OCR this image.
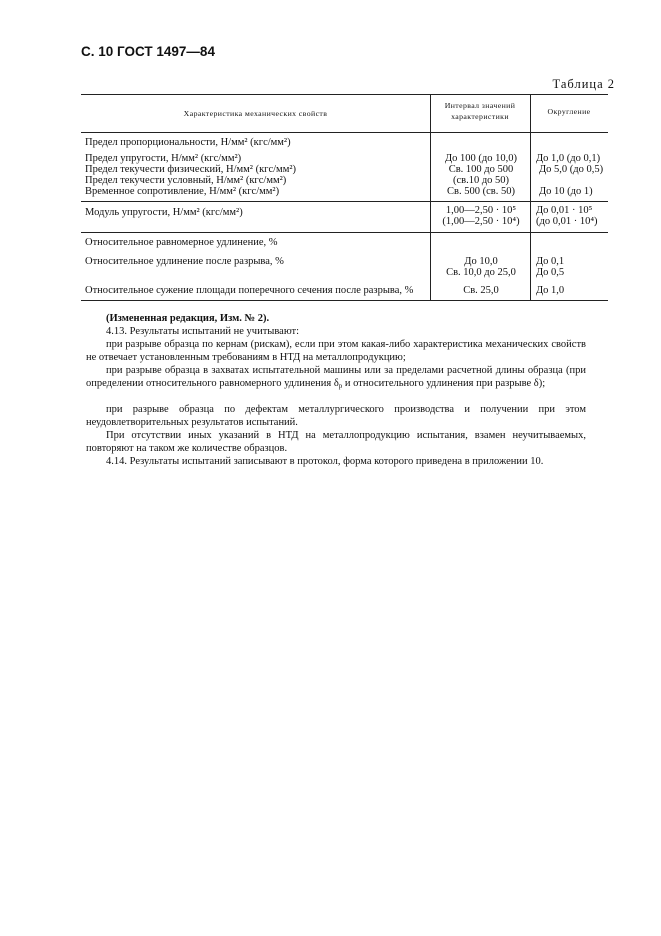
С. 10 ГОСТ 1497—84
Таблица 2
Характеристика механических свойств
Интервал значений
характеристики
Округление
Предел пропорциональности, Н/мм² (кгс/мм²)
Предел упругости, Н/мм² (кгс/мм²)
Предел текучести физический, Н/мм² (кгс/мм²)
Предел текучести условный, Н/мм² (кгс/мм²)
Временное сопротивление, Н/мм² (кгс/мм²)
Модуль упругости, Н/мм² (кгс/мм²)
Относительное равномерное удлинение, %
Относительное удлинение после разрыва, %
Относительное сужение площади поперечного сечения после разрыва, %
До 100 (до 10,0)
Св. 100 до 500
(св.10 до 50)
Св. 500 (св. 50)
1,00—2,50 · 10⁵
(1,00—2,50 · 10⁴)
До 10,0
Св. 10,0 до 25,0
Св. 25,0
До 1,0 (до 0,1)
До 5,0 (до 0,5)
До 10 (до 1)
До 0,01 · 10⁵
(до 0,01 · 10⁴)
До 0,1
До 0,5
До 1,0
(Измененная редакция, Изм. № 2).
4.13. Результаты испытаний не учитывают:
при разрыве образца по кернам (рискам), если при этом какая-либо характеристика механических свойств не отвечает установленным требованиям в НТД на металлопродукцию;
при разрыве образца в захватах испытательной машины или за пределами расчетной длины образца (при определении относительного равномерного удлинения $\delta_р$ и относительного удлинения при разрыве δ);
при разрыве образца по дефектам металлургического производства и получении при этом неудовлетворительных результатов испытаний.
При отсутствии иных указаний в НТД на металлопродукцию испытания, взамен неучитываемых, повторяют на таком же количестве образцов.
4.14. Результаты испытаний записывают в протокол, форма которого приведена в приложении 10.
